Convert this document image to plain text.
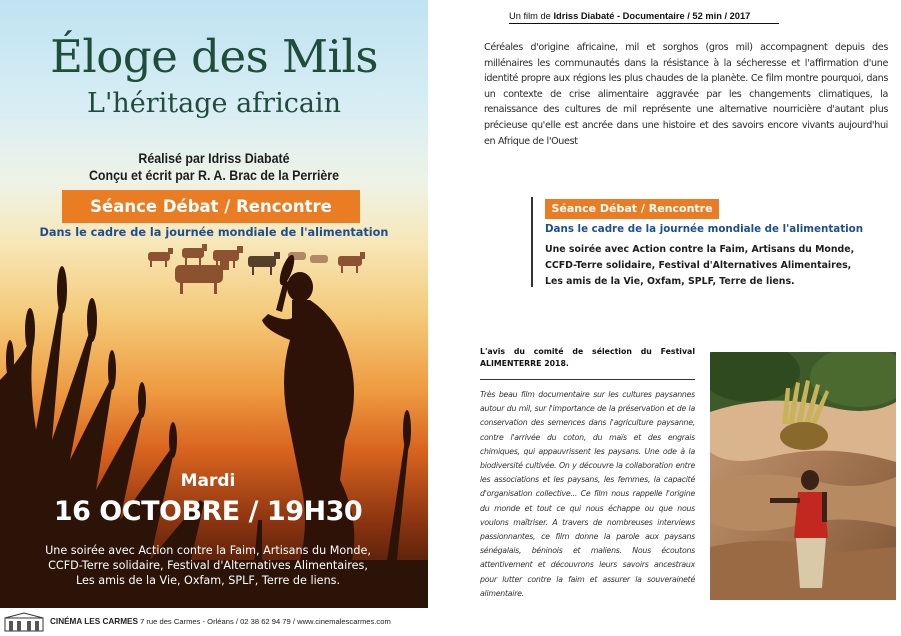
Éloge des Mils
L'héritage africain
Réalisé par Idriss Diabaté
Conçu et écrit par R. A. Brac de la Perrière
Séance Débat / Rencontre
Dans le cadre de la journée mondiale de l'alimentation
Mardi
16 OCTOBRE / 19H30
Une soirée avec Action contre la Faim, Artisans du Monde,
CCFD-Terre solidaire, Festival d'Alternatives Alimentaires,
Les amis de la Vie, Oxfam, SPLF, Terre de liens.
CINÉMA LES CARMES 7 rue des Carmes - Orléans / 02 38 62 94 79 / www.cinemalescarmes.com
Un film de Idriss Diabaté - Documentaire / 52 min / 2017
Céréales d'origine africaine, mil et sorghos (gros mil) accompagnent depuis des millénaires les communautés dans la résistance à la sécheresse et l'affirmation d'une identité propre aux régions les plus chaudes de la planète. Ce film montre pourquoi, dans un contexte de crise alimentaire aggravée par les changements climatiques, la renaissance des cultures de mil représente une alternative nourricière d'autant plus précieuse qu'elle est ancrée dans une histoire et des savoirs encore vivants aujourd'hui en Afrique de l'Ouest
Séance Débat / Rencontre
Dans le cadre de la journée mondiale de l'alimentation
Une soirée avec Action contre la Faim, Artisans du Monde,
CCFD-Terre solidaire, Festival d'Alternatives Alimentaires,
Les amis de la Vie, Oxfam, SPLF, Terre de liens.
L'avis du comité de sélection du Festival ALIMENTERRE 2018.
Très beau film documentaire sur les cultures paysannes autour du mil, sur l'importance de la préservation et de la conservation des semences dans l'agriculture paysanne, contre l'arrivée du coton, du maïs et des engrais chimiques, qui appauvrissent les paysans. Une ode à la biodiversité cultivée. On y découvre la collaboration entre les associations et les paysans, les femmes, la capacité d'organisation collective... Ce film nous rappelle l'origine du monde et tout ce qui nous échappe ou que nous voulons maîtriser. A travers de nombreuses interviews passionnantes, ce film donne la parole aux paysans sénégalais, béninois et maliens. Nous écoutons attentivement et découvrons leurs savoirs ancestraux pour lutter contre la faim et assurer la souveraineté alimentaire.
